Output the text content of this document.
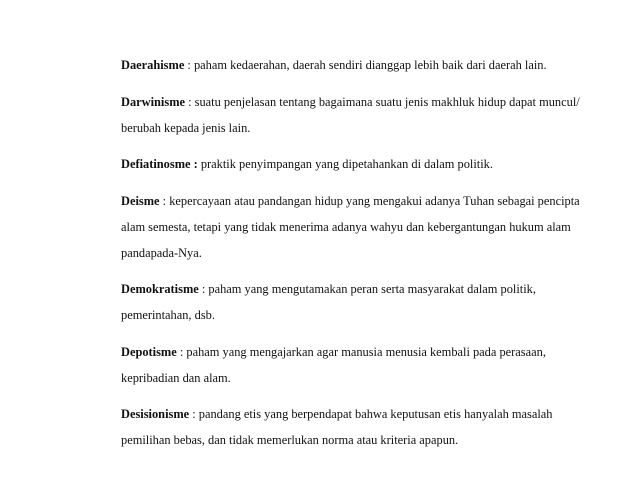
Daerahisme : paham kedaerahan, daerah sendiri dianggap lebih baik dari daerah lain.
Darwinisme : suatu penjelasan tentang bagaimana suatu jenis makhluk hidup dapat muncul/ berubah kepada jenis lain.
Defiatinosme : praktik penyimpangan yang dipetahankan di dalam politik.
Deisme : kepercayaan atau pandangan hidup yang mengakui adanya Tuhan sebagai pencipta alam semesta, tetapi yang tidak menerima adanya wahyu dan kebergantungan hukum alam pandapada-Nya.
Demokratisme : paham yang mengutamakan peran serta masyarakat dalam politik, pemerintahan, dsb.
Depotisme : paham yang mengajarkan agar manusia menusia kembali pada perasaan, kepribadian dan alam.
Desisionisme : pandang etis yang berpendapat bahwa keputusan etis hanyalah masalah pemilihan bebas, dan tidak memerlukan norma atau kriteria apapun.
